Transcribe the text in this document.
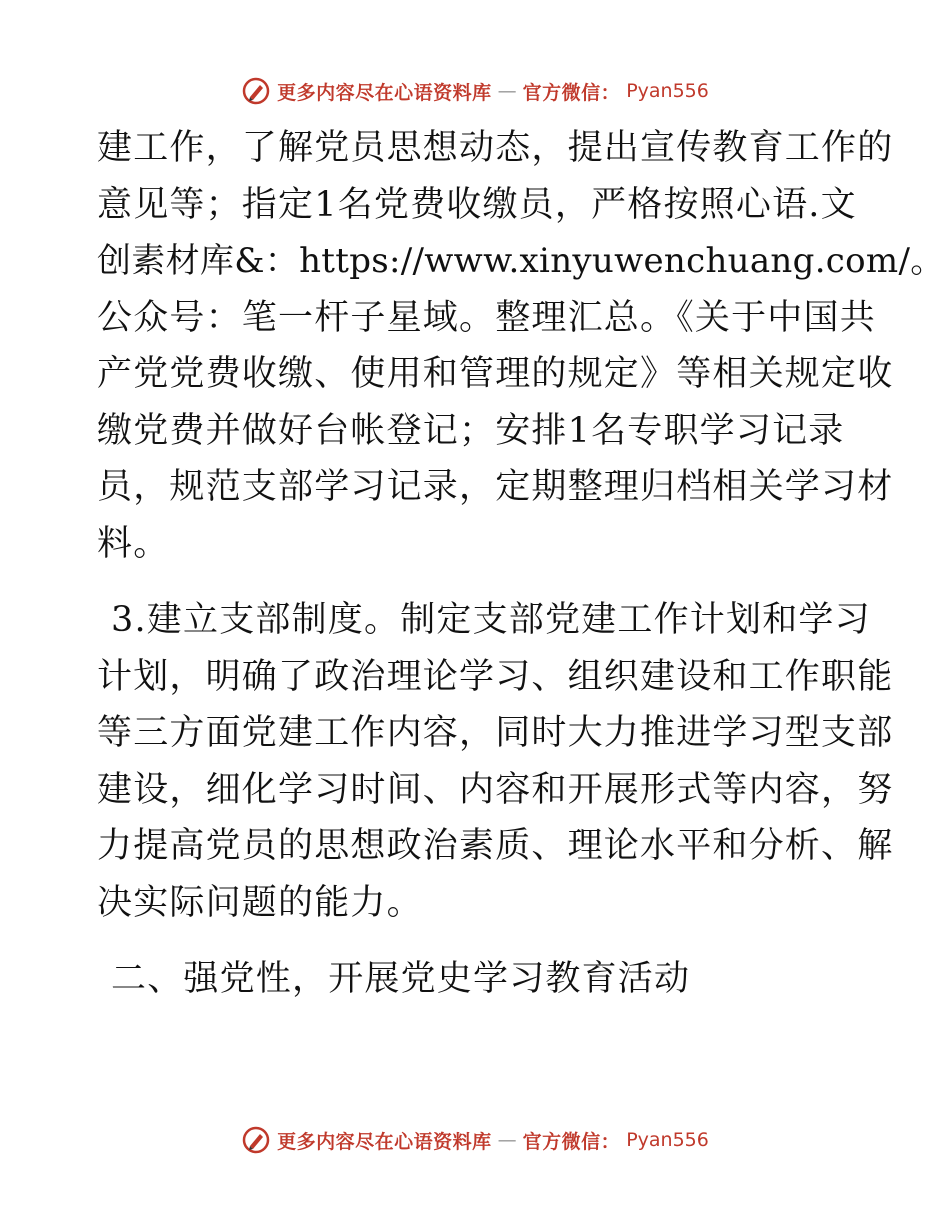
更多内容尽在心语资料库 — 官方微信： Pyan556
建工作，了解党员思想动态，提出宣传教育工作的
意见等；指定1名党费收缴员，严格按照心语.文
创素材库&：https://www.xinyuwenchuang.com/。
公众号：笔一杆子星域。整理汇总。《关于中国共
产党党费收缴、使用和管理的规定》等相关规定收
缴党费并做好台帐登记；安排1名专职学习记录
员，规范支部学习记录，定期整理归档相关学习材
料。
3.建立支部制度。制定支部党建工作计划和学习
计划，明确了政治理论学习、组织建设和工作职能
等三方面党建工作内容，同时大力推进学习型支部
建设，细化学习时间、内容和开展形式等内容，努
力提高党员的思想政治素质、理论水平和分析、解
决实际问题的能力。
二、强党性，开展党史学习教育活动
更多内容尽在心语资料库 — 官方微信： Pyan556
